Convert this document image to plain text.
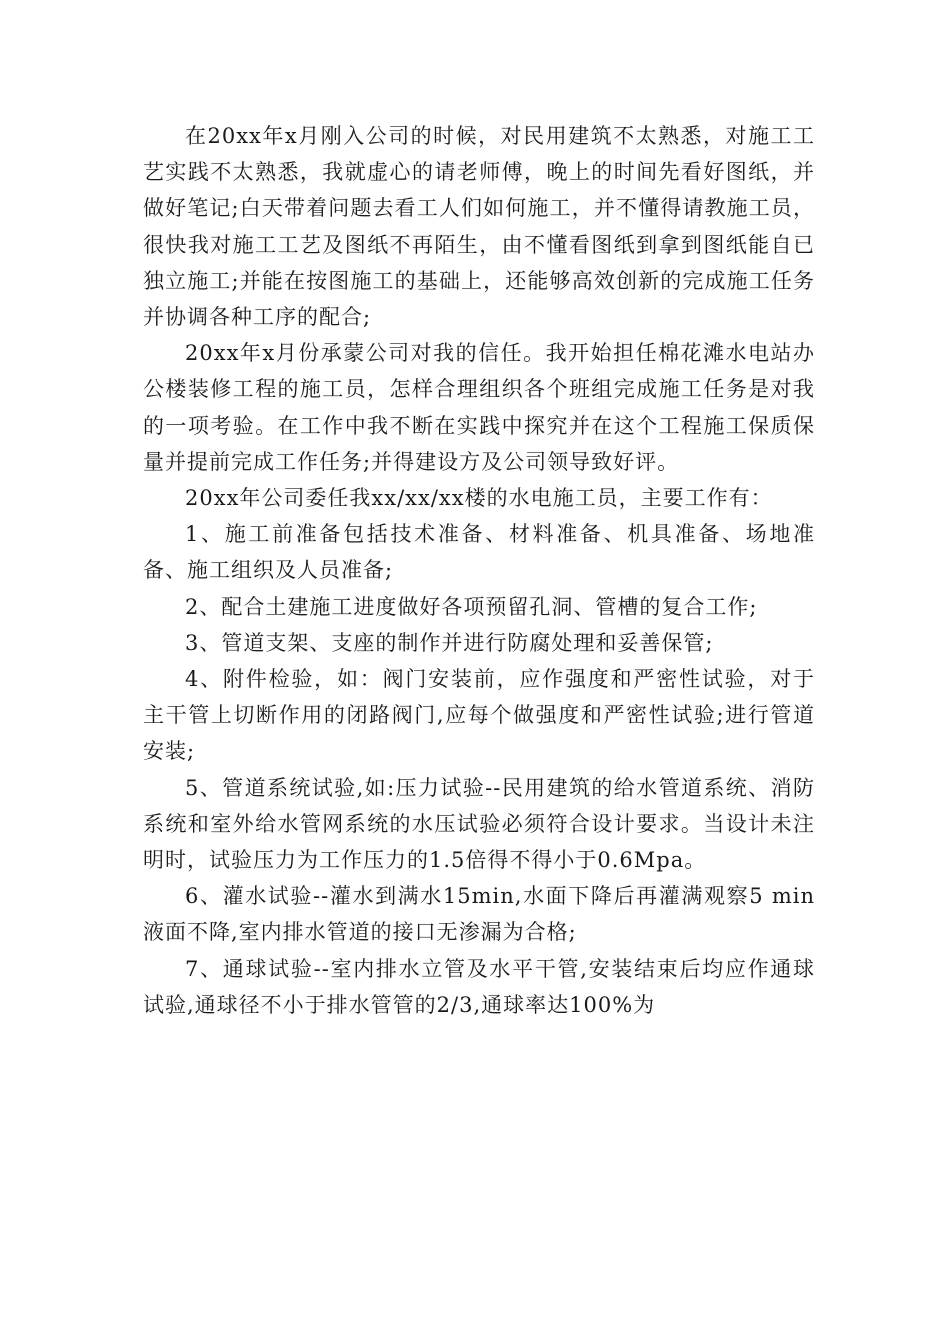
在20xx年x月刚入公司的时候，对民用建筑不太熟悉，对施工工艺实践不太熟悉，我就虚心的请老师傅，晚上的时间先看好图纸，并做好笔记;白天带着问题去看工人们如何施工，并不懂得请教施工员，很快我对施工工艺及图纸不再陌生，由不懂看图纸到拿到图纸能自已独立施工;并能在按图施工的基础上，还能够高效创新的完成施工任务并协调各种工序的配合;

20xx年x月份承蒙公司对我的信任。我开始担任棉花滩水电站办公楼装修工程的施工员，怎样合理组织各个班组完成施工任务是对我的一项考验。在工作中我不断在实践中探究并在这个工程施工保质保量并提前完成工作任务;并得建设方及公司领导致好评。

20xx年公司委任我xx/xx/xx楼的水电施工员，主要工作有：

1、施工前准备包括技术准备、材料准备、机具准备、场地准备、施工组织及人员准备;

2、配合土建施工进度做好各项预留孔洞、管槽的复合工作;

3、管道支架、支座的制作并进行防腐处理和妥善保管;

4、附件检验，如：阀门安装前，应作强度和严密性试验，对于主干管上切断作用的闭路阀门,应每个做强度和严密性试验;进行管道安装;

5、管道系统试验,如:压力试验--民用建筑的给水管道系统、消防系统和室外给水管网系统的水压试验必须符合设计要求。当设计未注明时，试验压力为工作压力的1.5倍得不得小于0.6Mpa。

6、灌水试验--灌水到满水15min,水面下降后再灌满观察5 min液面不降,室内排水管道的接口无渗漏为合格;

7、通球试验--室内排水立管及水平干管,安装结束后均应作通球试验,通球径不小于排水管管的2/3,通球率达100%为
